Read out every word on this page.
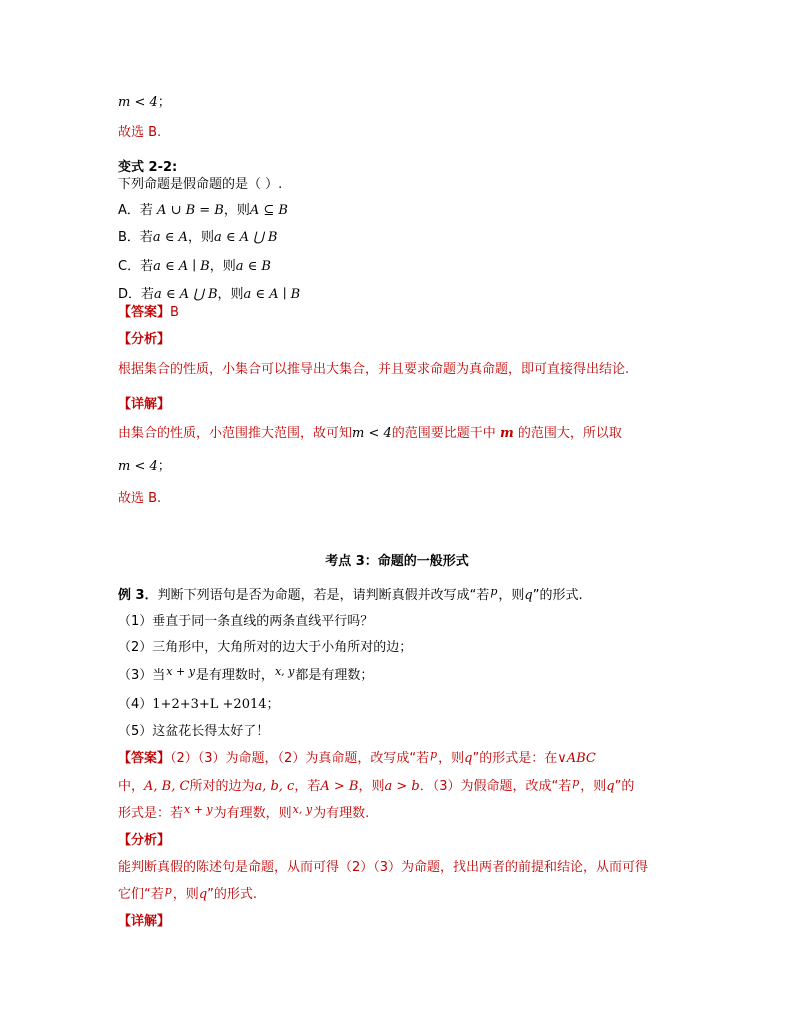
m < 4；
故选 B.
变式 2-2:
下列命题是假命题的是（ ）.
A．若 A ∪ B = B，则A ⊆ B
B．若a ∈ A，则a ∈ A ⋃ B
C．若a ∈ A ∣ B，则a ∈ B
D．若a ∈ A ⋃ B，则a ∈ A ∣ B
【答案】B
【分析】
根据集合的性质，小集合可以推导出大集合，并且要求命题为真命题，即可直接得出结论.
【详解】
由集合的性质，小范围推大范围，故可知m < 4的范围要比题干中 m 的范围大，所以取
m < 4；
故选 B.
考点 3：命题的一般形式
例 3．判断下列语句是否为命题，若是，请判断真假并改写成“若$^p$，则q”的形式.
（1）垂直于同一条直线的两条直线平行吗？
（2）三角形中，大角所对的边大于小角所对的边；
（3）当$^{x + y}$是有理数时，$^{x, y}$都是有理数；
（4）1+2+3+L +2014；
（5）这盆花长得太好了！
【答案】（2）（3）为命题，（2）为真命题，改写成“若$^p$，则q”的形式是：在∨ABC
中，A, B, C所对的边为a, b, c，若A > B，则a > b．（3）为假命题，改成“若$^p$，则q”的
形式是：若$^{x + y}$为有理数，则$^{x, y}$为有理数.
【分析】
能判断真假的陈述句是命题，从而可得（2）（3）为命题，找出两者的前提和结论，从而可得
它们“若$^p$，则q”的形式.
【详解】
